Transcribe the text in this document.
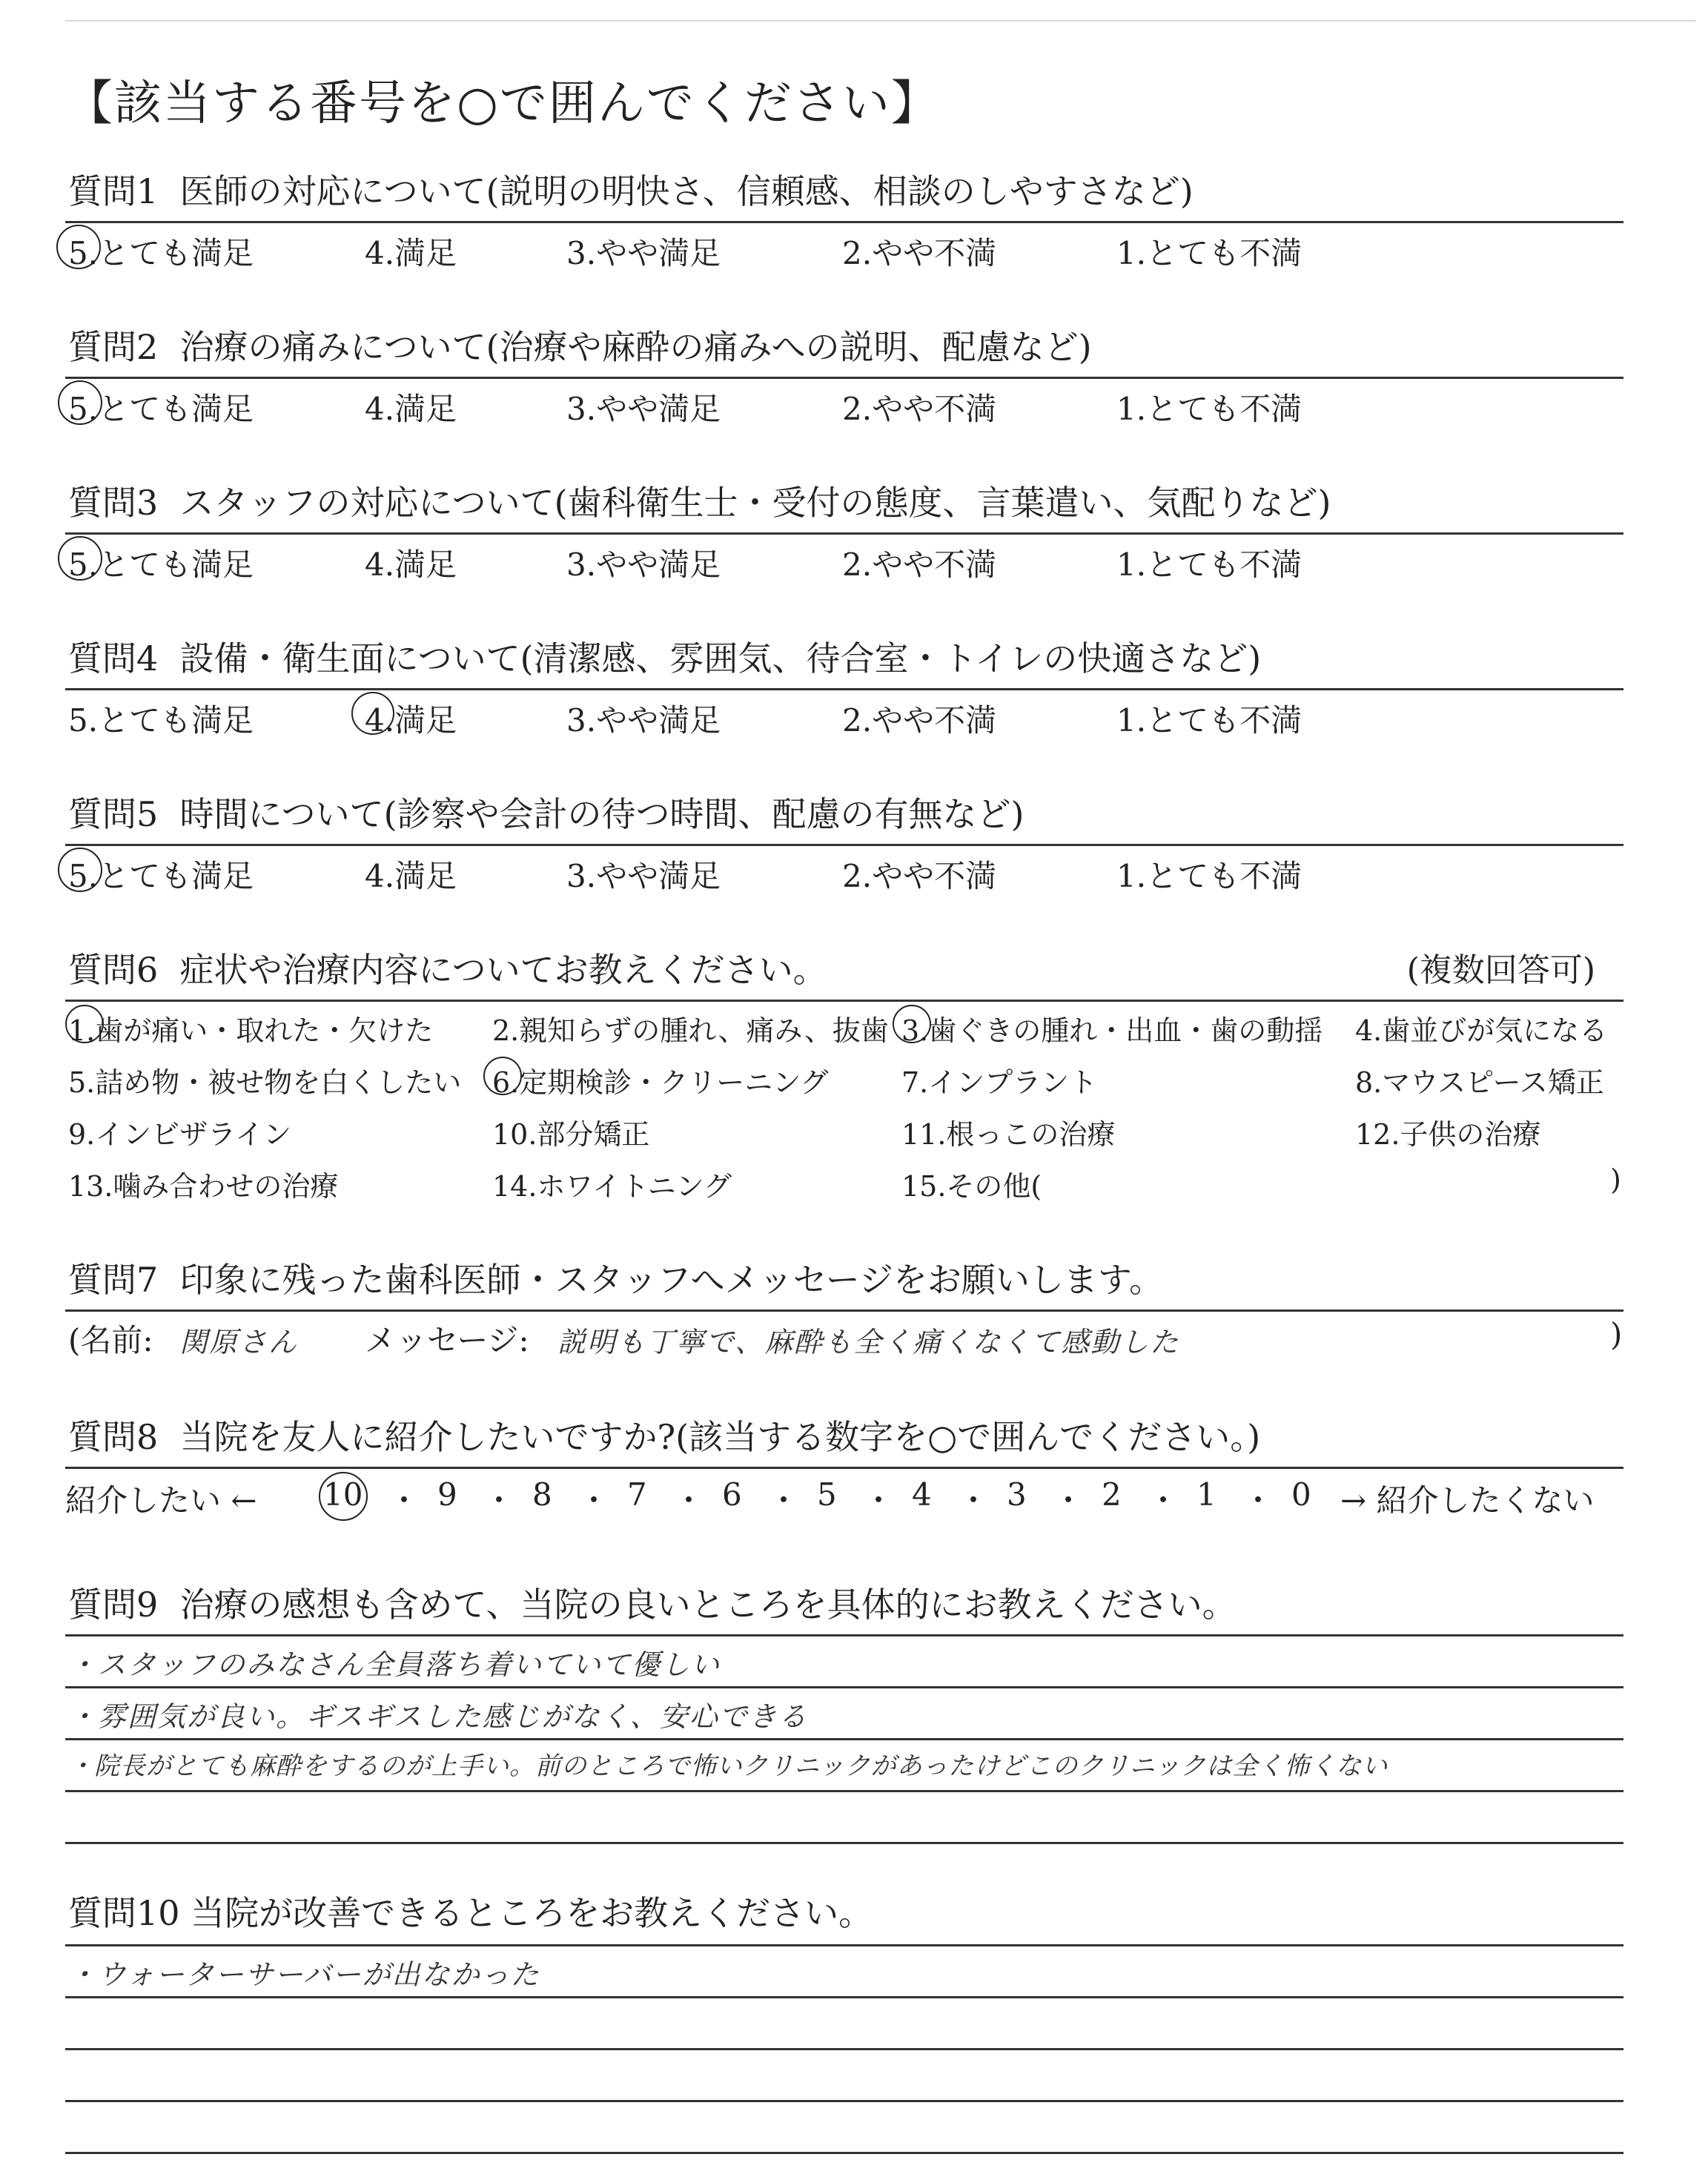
【該当する番号を○で囲んでください】
質問1 医師の対応について(説明の明快さ、信頼感、相談のしやすさなど)
5.とても満足	4.満足	3.やや満足	2.やや不満	1.とても不満
質問2 治療の痛みについて(治療や麻酔の痛みへの説明、配慮など)
5.とても満足	4.満足	3.やや満足	2.やや不満	1.とても不満
質問3 スタッフの対応について(歯科衛生士・受付の態度、言葉遣い、気配りなど)
5.とても満足	4.満足	3.やや満足	2.やや不満	1.とても不満
質問4 設備・衛生面について(清潔感、雰囲気、待合室・トイレの快適さなど)
5.とても満足	4.満足	3.やや満足	2.やや不満	1.とても不満
質問5 時間について(診察や会計の待つ時間、配慮の有無など)
5.とても満足	4.満足	3.やや満足	2.やや不満	1.とても不満
質問6 症状や治療内容についてお教えください。	(複数回答可)
1.歯が痛い・取れた・欠けた 2.親知らずの腫れ、痛み、抜歯 3.歯ぐきの腫れ・出血・歯の動揺 4.歯並びが気になる
5.詰め物・被せ物を白くしたい 6.定期検診・クリーニング	7.インプラント	8.マウスピース矯正
9.インビザライン	10.部分矯正	11.根っこの治療	12.子供の治療
13.噛み合わせの治療	14.ホワイトニング	15.その他(	)
質問7 印象に残った歯科医師・スタッフへメッセージをお願いします。
(名前: 関原さん メッセージ: 説明も丁寧で、麻酔も全く痛くなくて感動した	)
質問8 当院を友人に紹介したいですか?(該当する数字を○で囲んでください。)
紹介したい ← 10 ・ 9 ・ 8 ・ 7 ・ 6 ・ 5 ・ 4 ・ 3 ・ 2 ・ 1 ・ 0 → 紹介したくない
質問9 治療の感想も含めて、当院の良いところを具体的にお教えください。
・スタッフのみなさん全員落ち着いていて優しい
・雰囲気が良い。ギスギスした感じがなく、安心できる
・院長がとても麻酔をするのが上手い。前のところで怖いクリニックがあったけどこのクリニックは全く怖くない
質問10 当院が改善できるところをお教えください。
・ウォーターサーバーが出なかった
